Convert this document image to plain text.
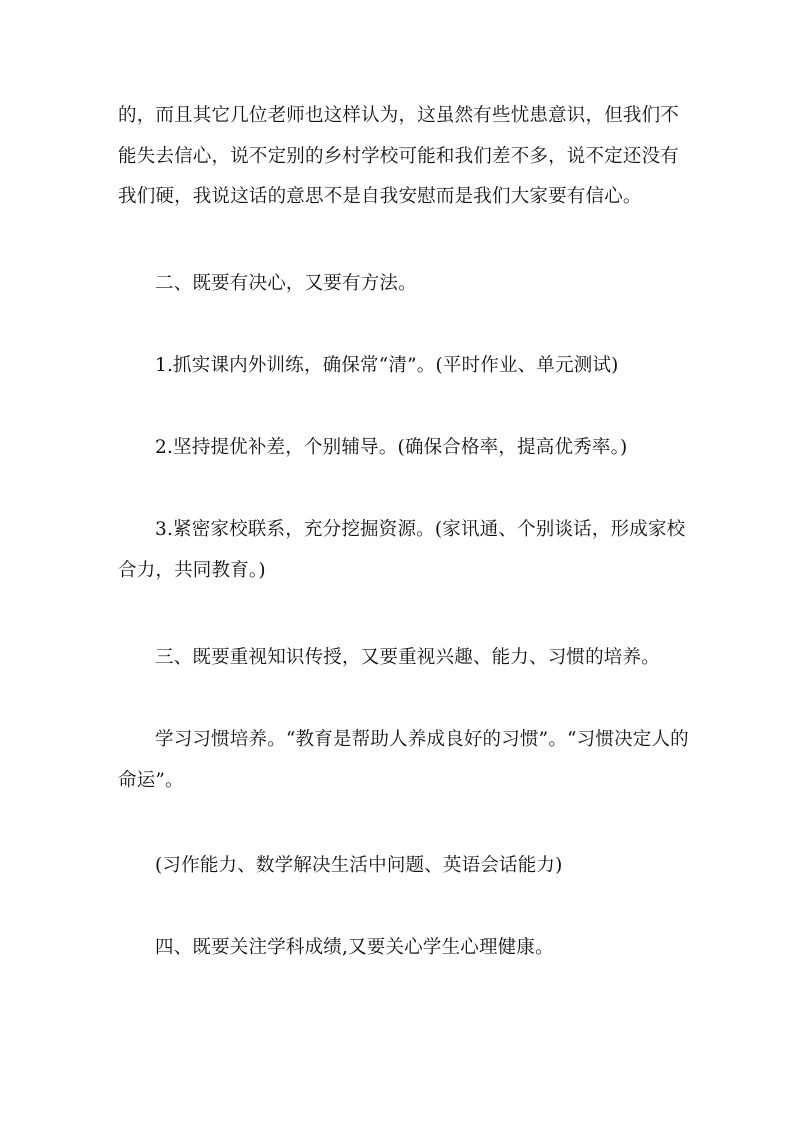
的，而且其它几位老师也这样认为，这虽然有些忧患意识，但我们不
能失去信心，说不定别的乡村学校可能和我们差不多，说不定还没有
我们硬，我说这话的意思不是自我安慰而是我们大家要有信心。

二、既要有决心，又要有方法。

1.抓实课内外训练，确保常“清”。(平时作业、单元测试)

2.坚持提优补差，个别辅导。(确保合格率，提高优秀率。)

3.紧密家校联系，充分挖掘资源。(家讯通、个别谈话，形成家校
合力，共同教育。)

三、既要重视知识传授，又要重视兴趣、能力、习惯的培养。

学习习惯培养。“教育是帮助人养成良好的习惯”。“习惯决定人的
命运”。

(习作能力、数学解决生活中问题、英语会话能力)

四、既要关注学科成绩,又要关心学生心理健康。
